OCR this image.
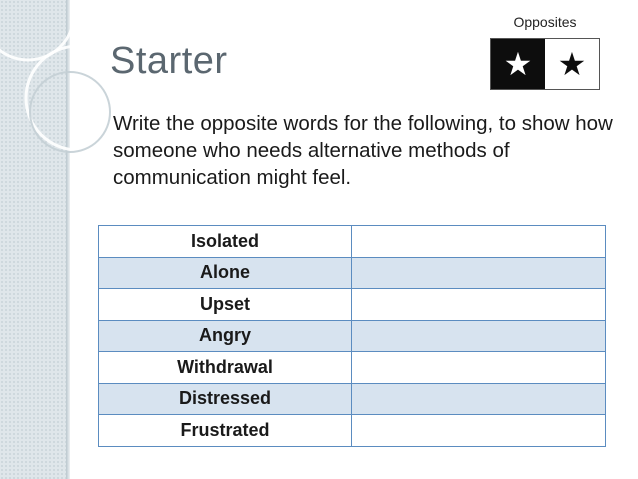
Starter
Opposites
★ ★
Write the opposite words for the following, to show how someone who needs alternative methods of communication might feel.
Isolated	
Alone	
Upset	
Angry	
Withdrawal	
Distressed	
Frustrated	
